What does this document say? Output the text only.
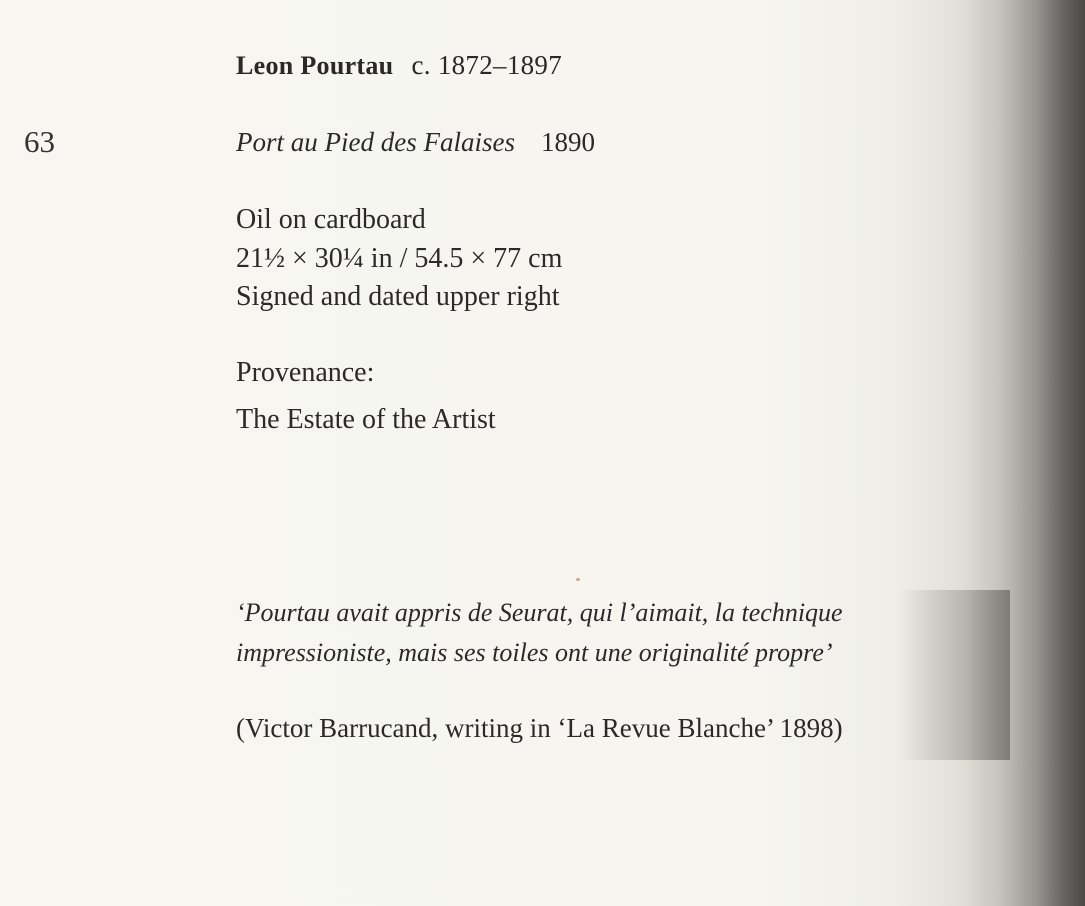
63
Leon Pourtau c. 1872–1897
Port au Pied des Falaises 1890
Oil on cardboard
21½ × 30¼ in / 54.5 × 77 cm
Signed and dated upper right
Provenance:
The Estate of the Artist
‘Pourtau avait appris de Seurat, qui l’aimait, la technique
impressioniste, mais ses toiles ont une originalité propre’
(Victor Barrucand, writing in ‘La Revue Blanche’ 1898)
